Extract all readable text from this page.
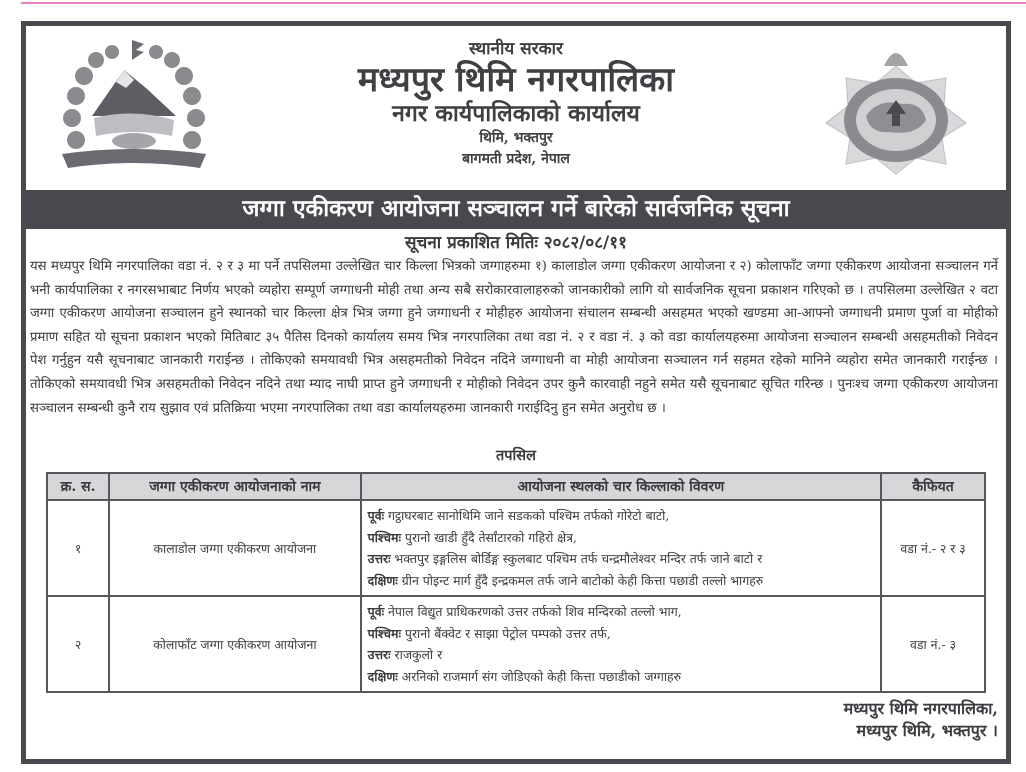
स्थानीय सरकार
मध्यपुर थिमि नगरपालिका
नगर कार्यपालिकाको कार्यालय
थिमि, भक्तपुर
बागमती प्रदेश, नेपाल
जग्गा एकीकरण आयोजना सञ्चालन गर्ने बारेको सार्वजनिक सूचना
सूचना प्रकाशित मितिः २०८२/०८/११
यस मध्यपुर थिमि नगरपालिका वडा नं. २ र ३ मा पर्ने तपसिलमा उल्लेखित चार किल्ला भित्रको जग्गाहरुमा १) कालाडोल जग्गा एकीकरण आयोजना र २) कोलाफाँट जग्गा एकीकरण आयोजना सञ्चालन गर्ने भनी कार्यपालिका र नगरसभाबाट निर्णय भएको व्यहोरा सम्पूर्ण जग्गाधनी मोही तथा अन्य सबै सरोकारवालाहरुको जानकारीको लागि यो सार्वजनिक सूचना प्रकाशन गरिएको छ । तपसिलमा उल्लेखित २ वटा जग्गा एकीकरण आयोजना सञ्चालन हुने स्थानको चार किल्ला क्षेत्र भित्र जग्गा हुने जग्गाधनी र मोहीहरु आयोजना संचालन सम्बन्धी असहमत भएको खण्डमा आ-आफ्नो जग्गाधनी प्रमाण पुर्जा वा मोहीको प्रमाण सहित यो सूचना प्रकाशन भएको मितिबाट ३५ पैतिस दिनको कार्यालय समय भित्र नगरपालिका तथा वडा नं. २ र वडा नं. ३ को वडा कार्यालयहरुमा आयोजना सञ्चालन सम्बन्धी असहमतीको निवेदन पेश गर्नुहुन यसै सूचनाबाट जानकारी गराईन्छ । तोकिएको समयावधी भित्र असहमतीको निवेदन नदिने जग्गाधनी वा मोही आयोजना सञ्चालन गर्न सहमत रहेको मानिने व्यहोरा समेत जानकारी गराईन्छ । तोकिएको समयावधी भित्र असहमतीको निवेदन नदिने तथा म्याद नाघी प्राप्त हुने जग्गाधनी र मोहीको निवेदन उपर कुनै कारवाही नहुने समेत यसै सूचनाबाट सूचित गरिन्छ । पुनःश्च जग्गा एकीकरण आयोजना सञ्चालन सम्बन्धी कुनै राय सुझाव एवं प्रतिक्रिया भएमा नगरपालिका तथा वडा कार्यालयहरुमा जानकारी गराईदिनु हुन समेत अनुरोध छ ।
तपसिल
क्र. स.	जग्गा एकीकरण आयोजनाको नाम	आयोजना स्थलको चार किल्लाको विवरण	कैफियत
१	कालाडोल जग्गा एकीकरण आयोजना	पूर्वः गट्ठाघरबाट सानोथिमि जाने सडकको पश्चिम तर्फको गोरेटो बाटो,
पश्चिमः पुरानो खाडी हुँदै तेर्सांटारको गहिरो क्षेत्र,
उत्तरः भक्तपुर इङ्गलिस बोर्डिङ्ग स्कुलबाट पश्चिम तर्फ चन्द्रमौलेश्वर मन्दिर तर्फ जाने बाटो र
दक्षिणः ग्रीन पोइन्ट मार्ग हुँदै इन्द्रकमल तर्फ जाने बाटोको केही कित्ता पछाडी तल्लो भागहरु	वडा नं.- २ र ३
२	कोलाफाँट जग्गा एकीकरण आयोजना	पूर्वः नेपाल विद्युत प्राधिकरणको उत्तर तर्फको शिव मन्दिरको तल्लो भाग,
पश्चिमः पुरानो बैंक्वेट र साझा पेट्रोल पम्पको उत्तर तर्फ,
उत्तरः राजकुलो र
दक्षिणः अरनिको राजमार्ग संग जोडिएको केही कित्ता पछाडीको जग्गाहरु	वडा नं.- ३
मध्यपुर थिमि नगरपालिका,
मध्यपुर थिमि, भक्तपुर ।
